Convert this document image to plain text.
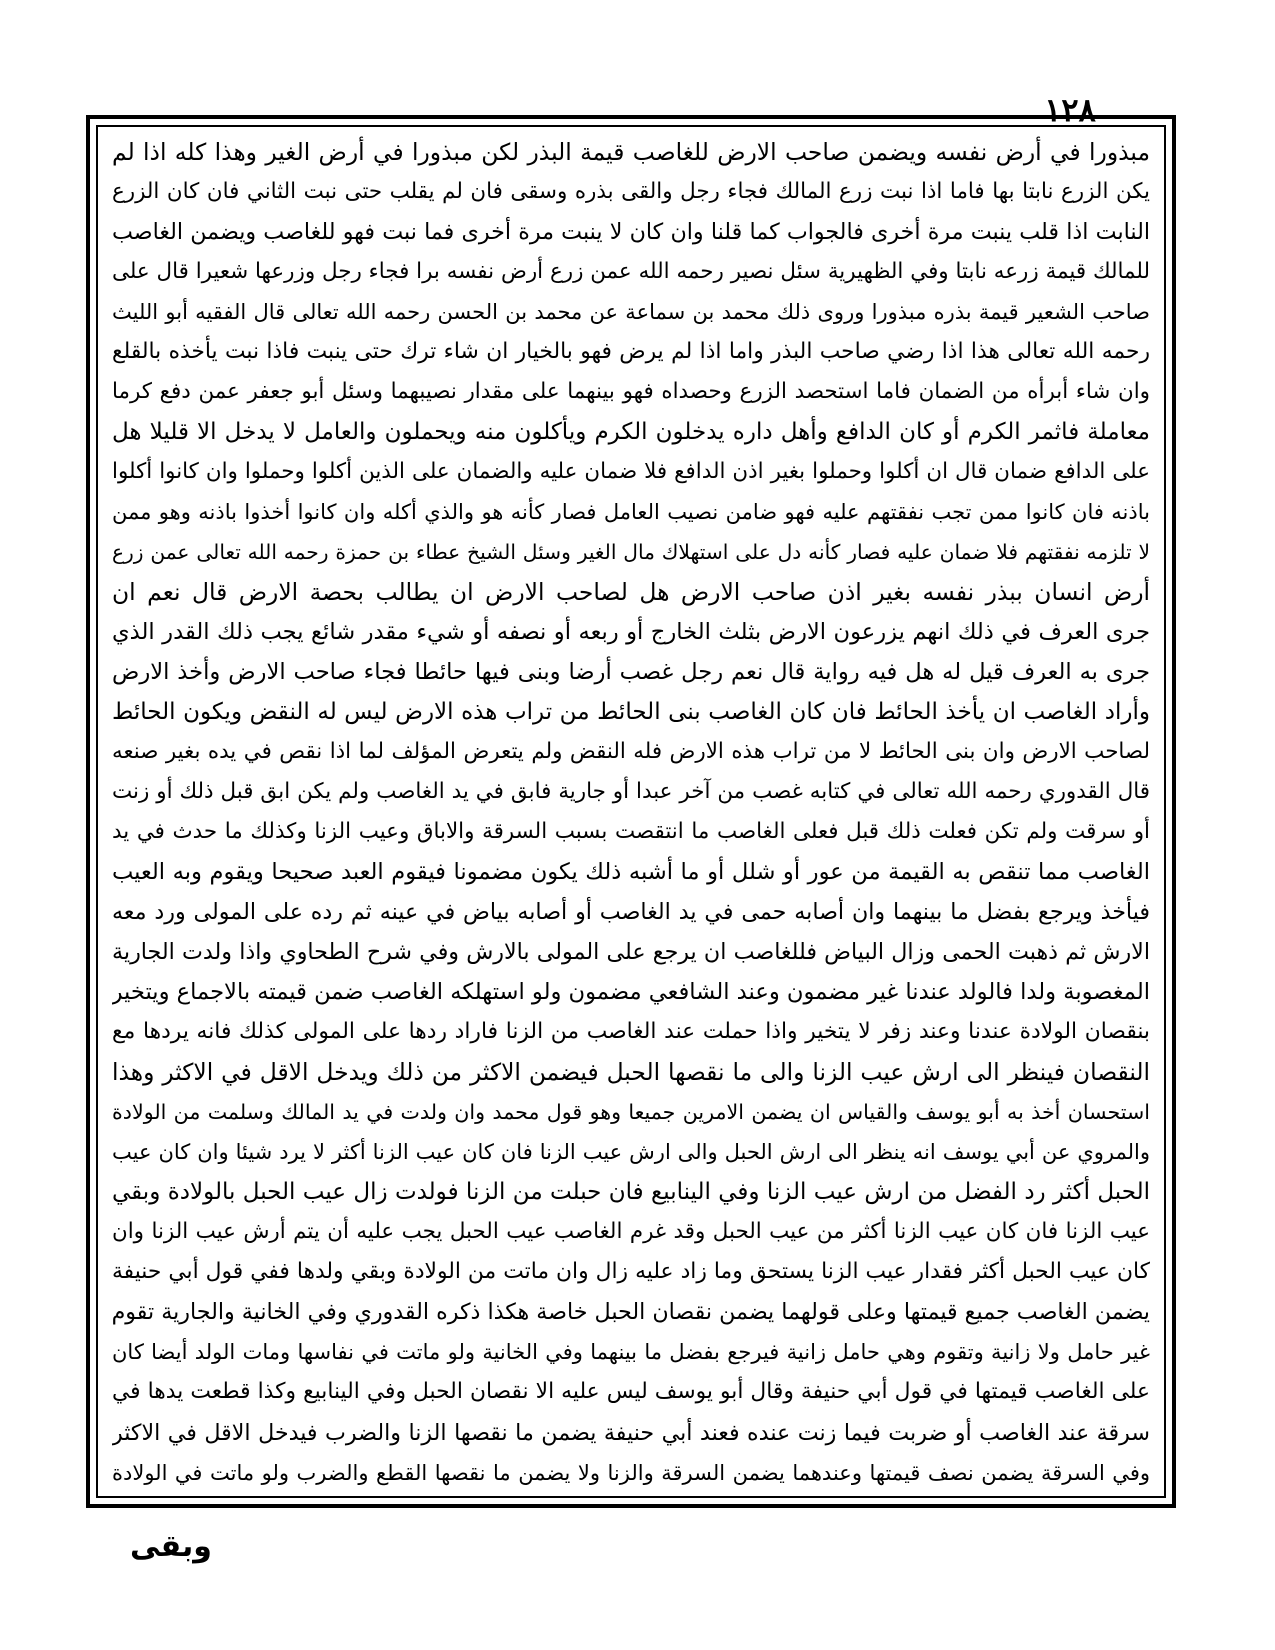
١٢٨
مبذورا في أرض نفسه ويضمن صاحب الارض للغاصب قيمة البذر لكن مبذورا في أرض الغير وهذا كله اذا لم
يكن الزرع نابتا بها فاما اذا نبت زرع المالك فجاء رجل والقى بذره وسقى فان لم يقلب حتى نبت الثاني فان كان الزرع
النابت اذا قلب ينبت مرة أخرى فالجواب كما قلنا وان كان لا ينبت مرة أخرى فما نبت فهو للغاصب ويضمن الغاصب
للمالك قيمة زرعه نابتا وفي الظهيرية سئل نصير رحمه الله عمن زرع أرض نفسه برا فجاء رجل وزرعها شعيرا قال على
صاحب الشعير قيمة بذره مبذورا وروى ذلك محمد بن سماعة عن محمد بن الحسن رحمه الله تعالى قال الفقيه أبو الليث
رحمه الله تعالى هذا اذا رضي صاحب البذر واما اذا لم يرض فهو بالخيار ان شاء ترك حتى ينبت فاذا نبت يأخذه بالقلع
وان شاء أبرأه من الضمان فاما استحصد الزرع وحصداه فهو بينهما على مقدار نصيبهما وسئل أبو جعفر عمن دفع كرما
معاملة فاثمر الكرم أو كان الدافع وأهل داره يدخلون الكرم ويأكلون منه ويحملون والعامل لا يدخل الا قليلا هل
على الدافع ضمان قال ان أكلوا وحملوا بغير اذن الدافع فلا ضمان عليه والضمان على الذين أكلوا وحملوا وان كانوا أكلوا
باذنه فان كانوا ممن تجب نفقتهم عليه فهو ضامن نصيب العامل فصار كأنه هو والذي أكله وان كانوا أخذوا باذنه وهو ممن
لا تلزمه نفقتهم فلا ضمان عليه فصار كأنه دل على استهلاك مال الغير وسئل الشيخ عطاء بن حمزة رحمه الله تعالى عمن زرع
أرض انسان ببذر نفسه بغير اذن صاحب الارض هل لصاحب الارض ان يطالب بحصة الارض قال نعم ان
جرى العرف في ذلك انهم يزرعون الارض بثلث الخارج أو ربعه أو نصفه أو شيء مقدر شائع يجب ذلك القدر الذي
جرى به العرف قيل له هل فيه رواية قال نعم رجل غصب أرضا وبنى فيها حائطا فجاء صاحب الارض وأخذ الارض
وأراد الغاصب ان يأخذ الحائط فان كان الغاصب بنى الحائط من تراب هذه الارض ليس له النقض ويكون الحائط
لصاحب الارض وان بنى الحائط لا من تراب هذه الارض فله النقض ولم يتعرض المؤلف لما اذا نقص في يده بغير صنعه
قال القدوري رحمه الله تعالى في كتابه غصب من آخر عبدا أو جارية فابق في يد الغاصب ولم يكن ابق قبل ذلك أو زنت
أو سرقت ولم تكن فعلت ذلك قبل فعلى الغاصب ما انتقصت بسبب السرقة والاباق وعيب الزنا وكذلك ما حدث في يد
الغاصب مما تنقص به القيمة من عور أو شلل أو ما أشبه ذلك يكون مضمونا فيقوم العبد صحيحا ويقوم وبه العيب
فيأخذ ويرجع بفضل ما بينهما وان أصابه حمى في يد الغاصب أو أصابه بياض في عينه ثم رده على المولى ورد معه
الارش ثم ذهبت الحمى وزال البياض فللغاصب ان يرجع على المولى بالارش وفي شرح الطحاوي واذا ولدت الجارية
المغصوبة ولدا فالولد عندنا غير مضمون وعند الشافعي مضمون ولو استهلكه الغاصب ضمن قيمته بالاجماع ويتخير
بنقصان الولادة عندنا وعند زفر لا يتخير واذا حملت عند الغاصب من الزنا فاراد ردها على المولى كذلك فانه يردها مع
النقصان فينظر الى ارش عيب الزنا والى ما نقصها الحبل فيضمن الاكثر من ذلك ويدخل الاقل في الاكثر وهذا
استحسان أخذ به أبو يوسف والقياس ان يضمن الامرين جميعا وهو قول محمد وان ولدت في يد المالك وسلمت من الولادة
والمروي عن أبي يوسف انه ينظر الى ارش الحبل والى ارش عيب الزنا فان كان عيب الزنا أكثر لا يرد شيئا وان كان عيب
الحبل أكثر رد الفضل من ارش عيب الزنا وفي الينابيع فان حبلت من الزنا فولدت زال عيب الحبل بالولادة وبقي
عيب الزنا فان كان عيب الزنا أكثر من عيب الحبل وقد غرم الغاصب عيب الحبل يجب عليه أن يتم أرش عيب الزنا وان
كان عيب الحبل أكثر فقدار عيب الزنا يستحق وما زاد عليه زال وان ماتت من الولادة وبقي ولدها ففي قول أبي حنيفة
يضمن الغاصب جميع قيمتها وعلى قولهما يضمن نقصان الحبل خاصة هكذا ذكره القدوري وفي الخانية والجارية تقوم
غير حامل ولا زانية وتقوم وهي حامل زانية فيرجع بفضل ما بينهما وفي الخانية ولو ماتت في نفاسها ومات الولد أيضا كان
على الغاصب قيمتها في قول أبي حنيفة وقال أبو يوسف ليس عليه الا نقصان الحبل وفي الينابيع وكذا قطعت يدها في
سرقة عند الغاصب أو ضربت فيما زنت عنده فعند أبي حنيفة يضمن ما نقصها الزنا والضرب فيدخل الاقل في الاكثر
وفي السرقة يضمن نصف قيمتها وعندهما يضمن السرقة والزنا ولا يضمن ما نقصها القطع والضرب ولو ماتت في الولادة
وبقى
